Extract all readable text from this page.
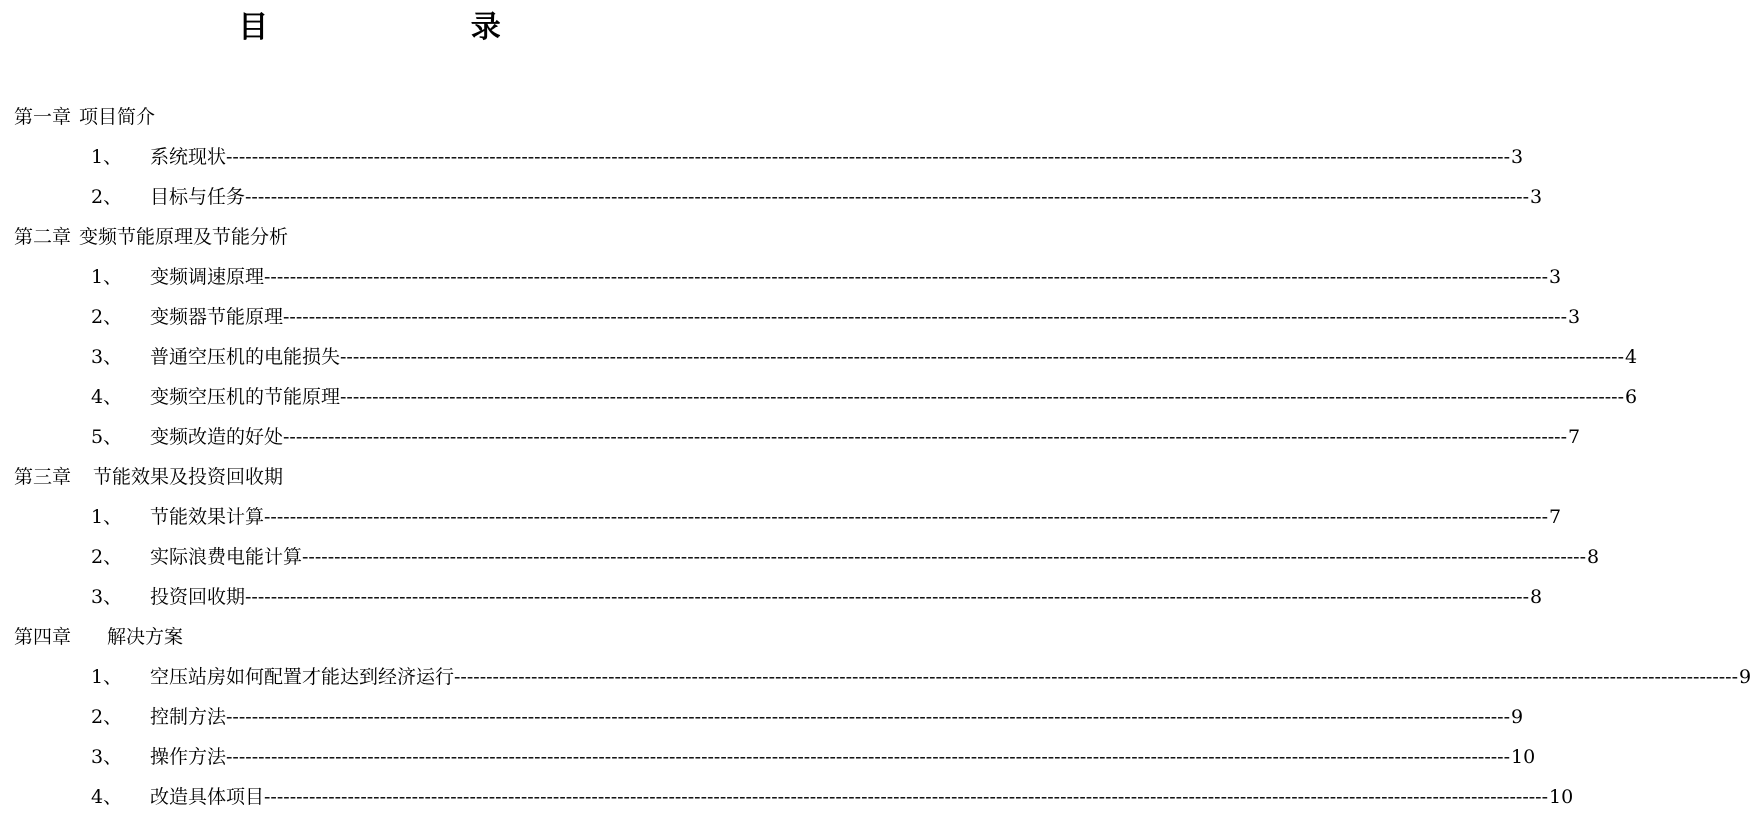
目 录
第一章 项目简介
1、	系统现状 -------------------------------------------------------------------------------------------------------------------------------------------------------------------------------------------------------- 3
2、	目标与任务 -------------------------------------------------------------------------------------------------------------------------------------------------------------------------------------------------------- 3
第二章 变频节能原理及节能分析
1、	变频调速原理 -------------------------------------------------------------------------------------------------------------------------------------------------------------------------------------------------------- 3
2、	变频器节能原理 -------------------------------------------------------------------------------------------------------------------------------------------------------------------------------------------------------- 3
3、	普通空压机的电能损失 -------------------------------------------------------------------------------------------------------------------------------------------------------------------------------------------------------- 4
4、	变频空压机的节能原理 -------------------------------------------------------------------------------------------------------------------------------------------------------------------------------------------------------- 6
5、	变频改造的好处 -------------------------------------------------------------------------------------------------------------------------------------------------------------------------------------------------------- 7
第三章 节能效果及投资回收期
1、	节能效果计算 -------------------------------------------------------------------------------------------------------------------------------------------------------------------------------------------------------- 7
2、	实际浪费电能计算 -------------------------------------------------------------------------------------------------------------------------------------------------------------------------------------------------------- 8
3、	投资回收期 -------------------------------------------------------------------------------------------------------------------------------------------------------------------------------------------------------- 8
第四章 解决方案
1、	空压站房如何配置才能达到经济运行 -------------------------------------------------------------------------------------------------------------------------------------------------------------------------------------------------------- 9
2、	控制方法 -------------------------------------------------------------------------------------------------------------------------------------------------------------------------------------------------------- 9
3、	操作方法 -------------------------------------------------------------------------------------------------------------------------------------------------------------------------------------------------------- 10
4、	改造具体项目 -------------------------------------------------------------------------------------------------------------------------------------------------------------------------------------------------------- 10
